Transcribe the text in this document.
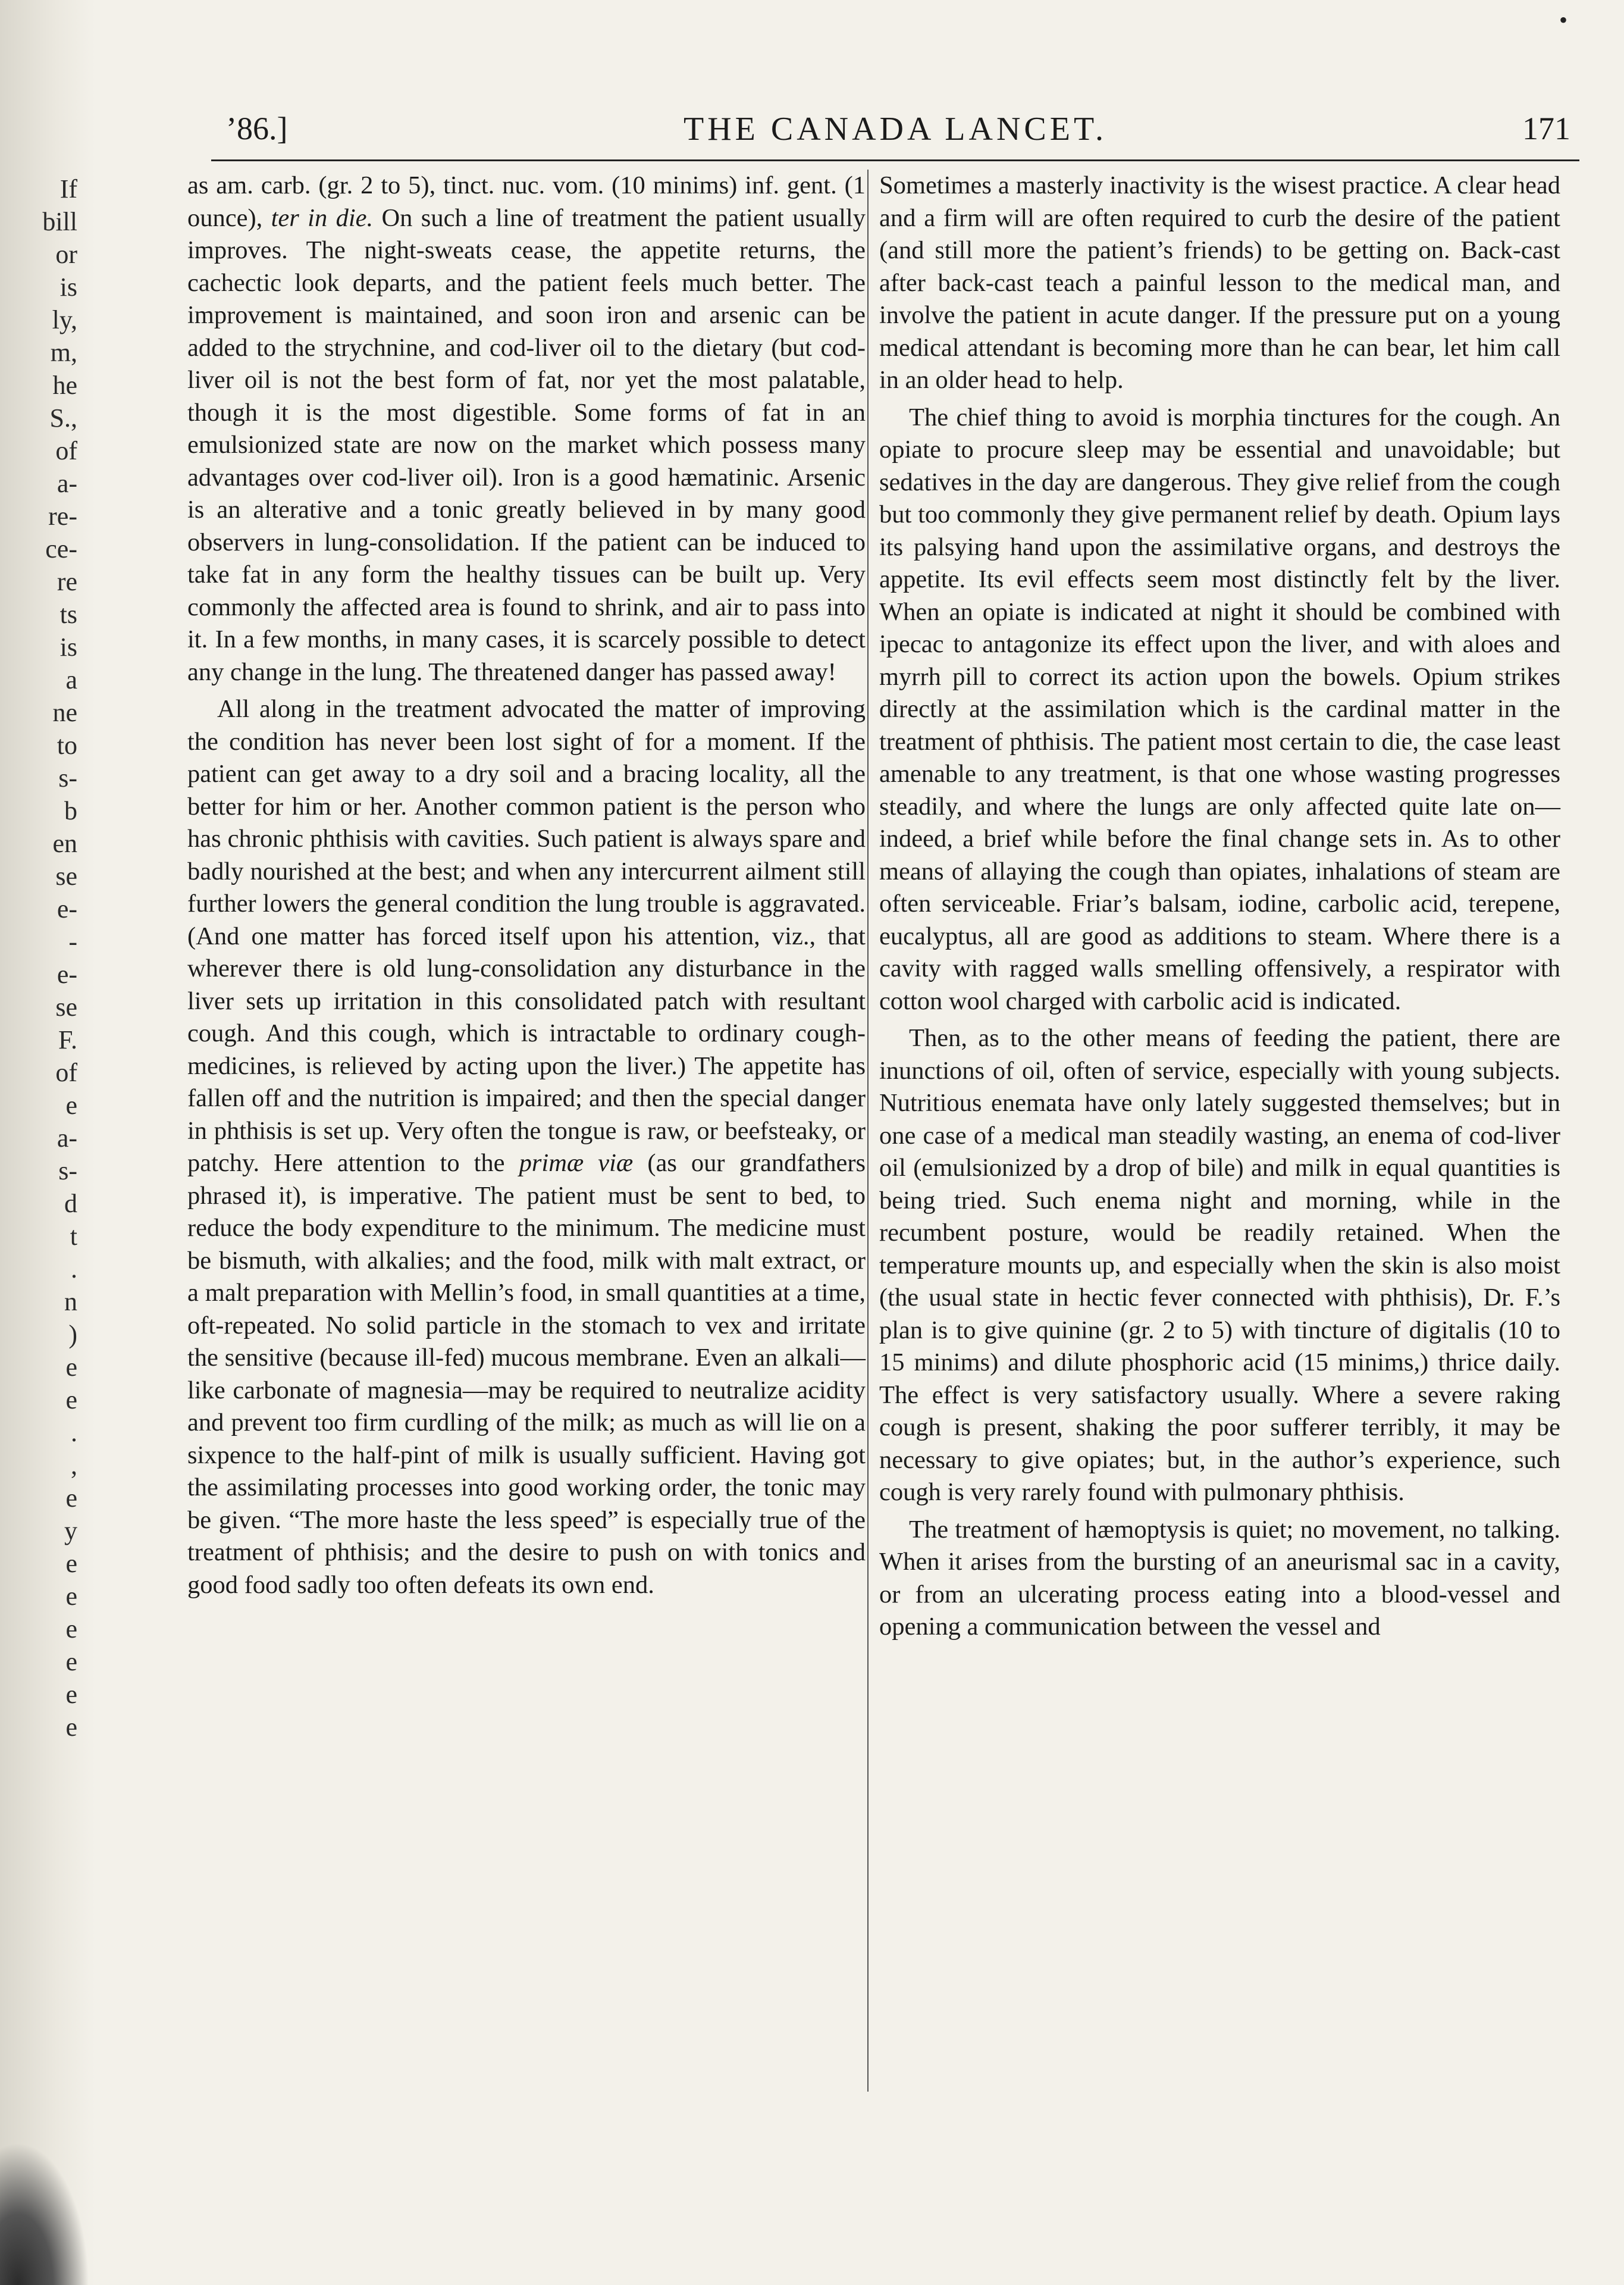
If
bill
or
is
ly,
m,
he
S.,
of
a-
re-
ce-
re
ts
is
a
ne
to
s-
b
en
se
e-
-
e-
se
F.
of
e
a-
s-
d
t
.
n
)
e
e
.
,
e
y
e
e
e
e
e
e
•
’86.]	THE CANADA LANCET.	171

as am. carb. (gr. 2 to 5), tinct. nuc. vom. (10 minims) inf. gent. (1 ounce), ter in die. On such a line of treatment the patient usually improves. The night-sweats cease, the appetite returns, the cachectic look departs, and the patient feels much better. The improvement is maintained, and soon iron and arsenic can be added to the strychnine, and cod-liver oil to the dietary (but cod-liver oil is not the best form of fat, nor yet the most palatable, though it is the most digestible. Some forms of fat in an emulsionized state are now on the market which possess many advantages over cod-liver oil). Iron is a good hæmatinic. Arsenic is an alterative and a tonic greatly believed in by many good observers in lung-consolidation. If the patient can be induced to take fat in any form the healthy tissues can be built up. Very commonly the affected area is found to shrink, and air to pass into it. In a few months, in many cases, it is scarcely possible to detect any change in the lung. The threatened danger has passed away!

All along in the treatment advocated the matter of improving the condition has never been lost sight of for a moment. If the patient can get away to a dry soil and a bracing locality, all the better for him or her. Another common patient is the person who has chronic phthisis with cavities. Such patient is always spare and badly nourished at the best; and when any intercurrent ailment still further lowers the general condition the lung trouble is aggravated. (And one matter has forced itself upon his attention, viz., that wherever there is old lung-consolidation any disturbance in the liver sets up irritation in this consolidated patch with resultant cough. And this cough, which is intractable to ordinary cough-medicines, is relieved by acting upon the liver.) The appetite has fallen off and the nutrition is impaired; and then the special danger in phthisis is set up. Very often the tongue is raw, or beefsteaky, or patchy. Here attention to the primæ viæ (as our grandfathers phrased it), is imperative. The patient must be sent to bed, to reduce the body expenditure to the minimum. The medicine must be bismuth, with alkalies; and the food, milk with malt extract, or a malt preparation with Mellin’s food, in small quantities at a time, oft-repeated. No solid particle in the stomach to vex and irritate the sensitive (because ill-fed) mucous membrane. Even an alkali—like carbonate of magnesia—may be required to neutralize acidity and prevent too firm curdling of the milk; as much as will lie on a sixpence to the half-pint of milk is usually sufficient. Having got the assimilating processes into good working order, the tonic may be given. “The more haste the less speed” is especially true of the treatment of phthisis; and the desire to push on with tonics and good food sadly too often defeats its own end.

Sometimes a masterly inactivity is the wisest practice. A clear head and a firm will are often required to curb the desire of the patient (and still more the patient’s friends) to be getting on. Back-cast after back-cast teach a painful lesson to the medical man, and involve the patient in acute danger. If the pressure put on a young medical attendant is becoming more than he can bear, let him call in an older head to help.

The chief thing to avoid is morphia tinctures for the cough. An opiate to procure sleep may be essential and unavoidable; but sedatives in the day are dangerous. They give relief from the cough but too commonly they give permanent relief by death. Opium lays its palsying hand upon the assimilative organs, and destroys the appetite. Its evil effects seem most distinctly felt by the liver. When an opiate is indicated at night it should be combined with ipecac to antagonize its effect upon the liver, and with aloes and myrrh pill to correct its action upon the bowels. Opium strikes directly at the assimilation which is the cardinal matter in the treatment of phthisis. The patient most certain to die, the case least amenable to any treatment, is that one whose wasting progresses steadily, and where the lungs are only affected quite late on—indeed, a brief while before the final change sets in. As to other means of allaying the cough than opiates, inhalations of steam are often serviceable. Friar’s balsam, iodine, carbolic acid, terepene, eucalyptus, all are good as additions to steam. Where there is a cavity with ragged walls smelling offensively, a respirator with cotton wool charged with carbolic acid is indicated.

Then, as to the other means of feeding the patient, there are inunctions of oil, often of service, especially with young subjects. Nutritious enemata have only lately suggested themselves; but in one case of a medical man steadily wasting, an enema of cod-liver oil (emulsionized by a drop of bile) and milk in equal quantities is being tried. Such enema night and morning, while in the recumbent posture, would be readily retained. When the temperature mounts up, and especially when the skin is also moist (the usual state in hectic fever connected with phthisis), Dr. F.’s plan is to give quinine (gr. 2 to 5) with tincture of digitalis (10 to 15 minims) and dilute phosphoric acid (15 minims,) thrice daily. The effect is very satisfactory usually. Where a severe raking cough is present, shaking the poor sufferer terribly, it may be necessary to give opiates; but, in the author’s experience, such cough is very rarely found with pulmonary phthisis.

The treatment of hæmoptysis is quiet; no movement, no talking. When it arises from the bursting of an aneurismal sac in a cavity, or from an ulcerating process eating into a blood-vessel and opening a communication between the vessel and
